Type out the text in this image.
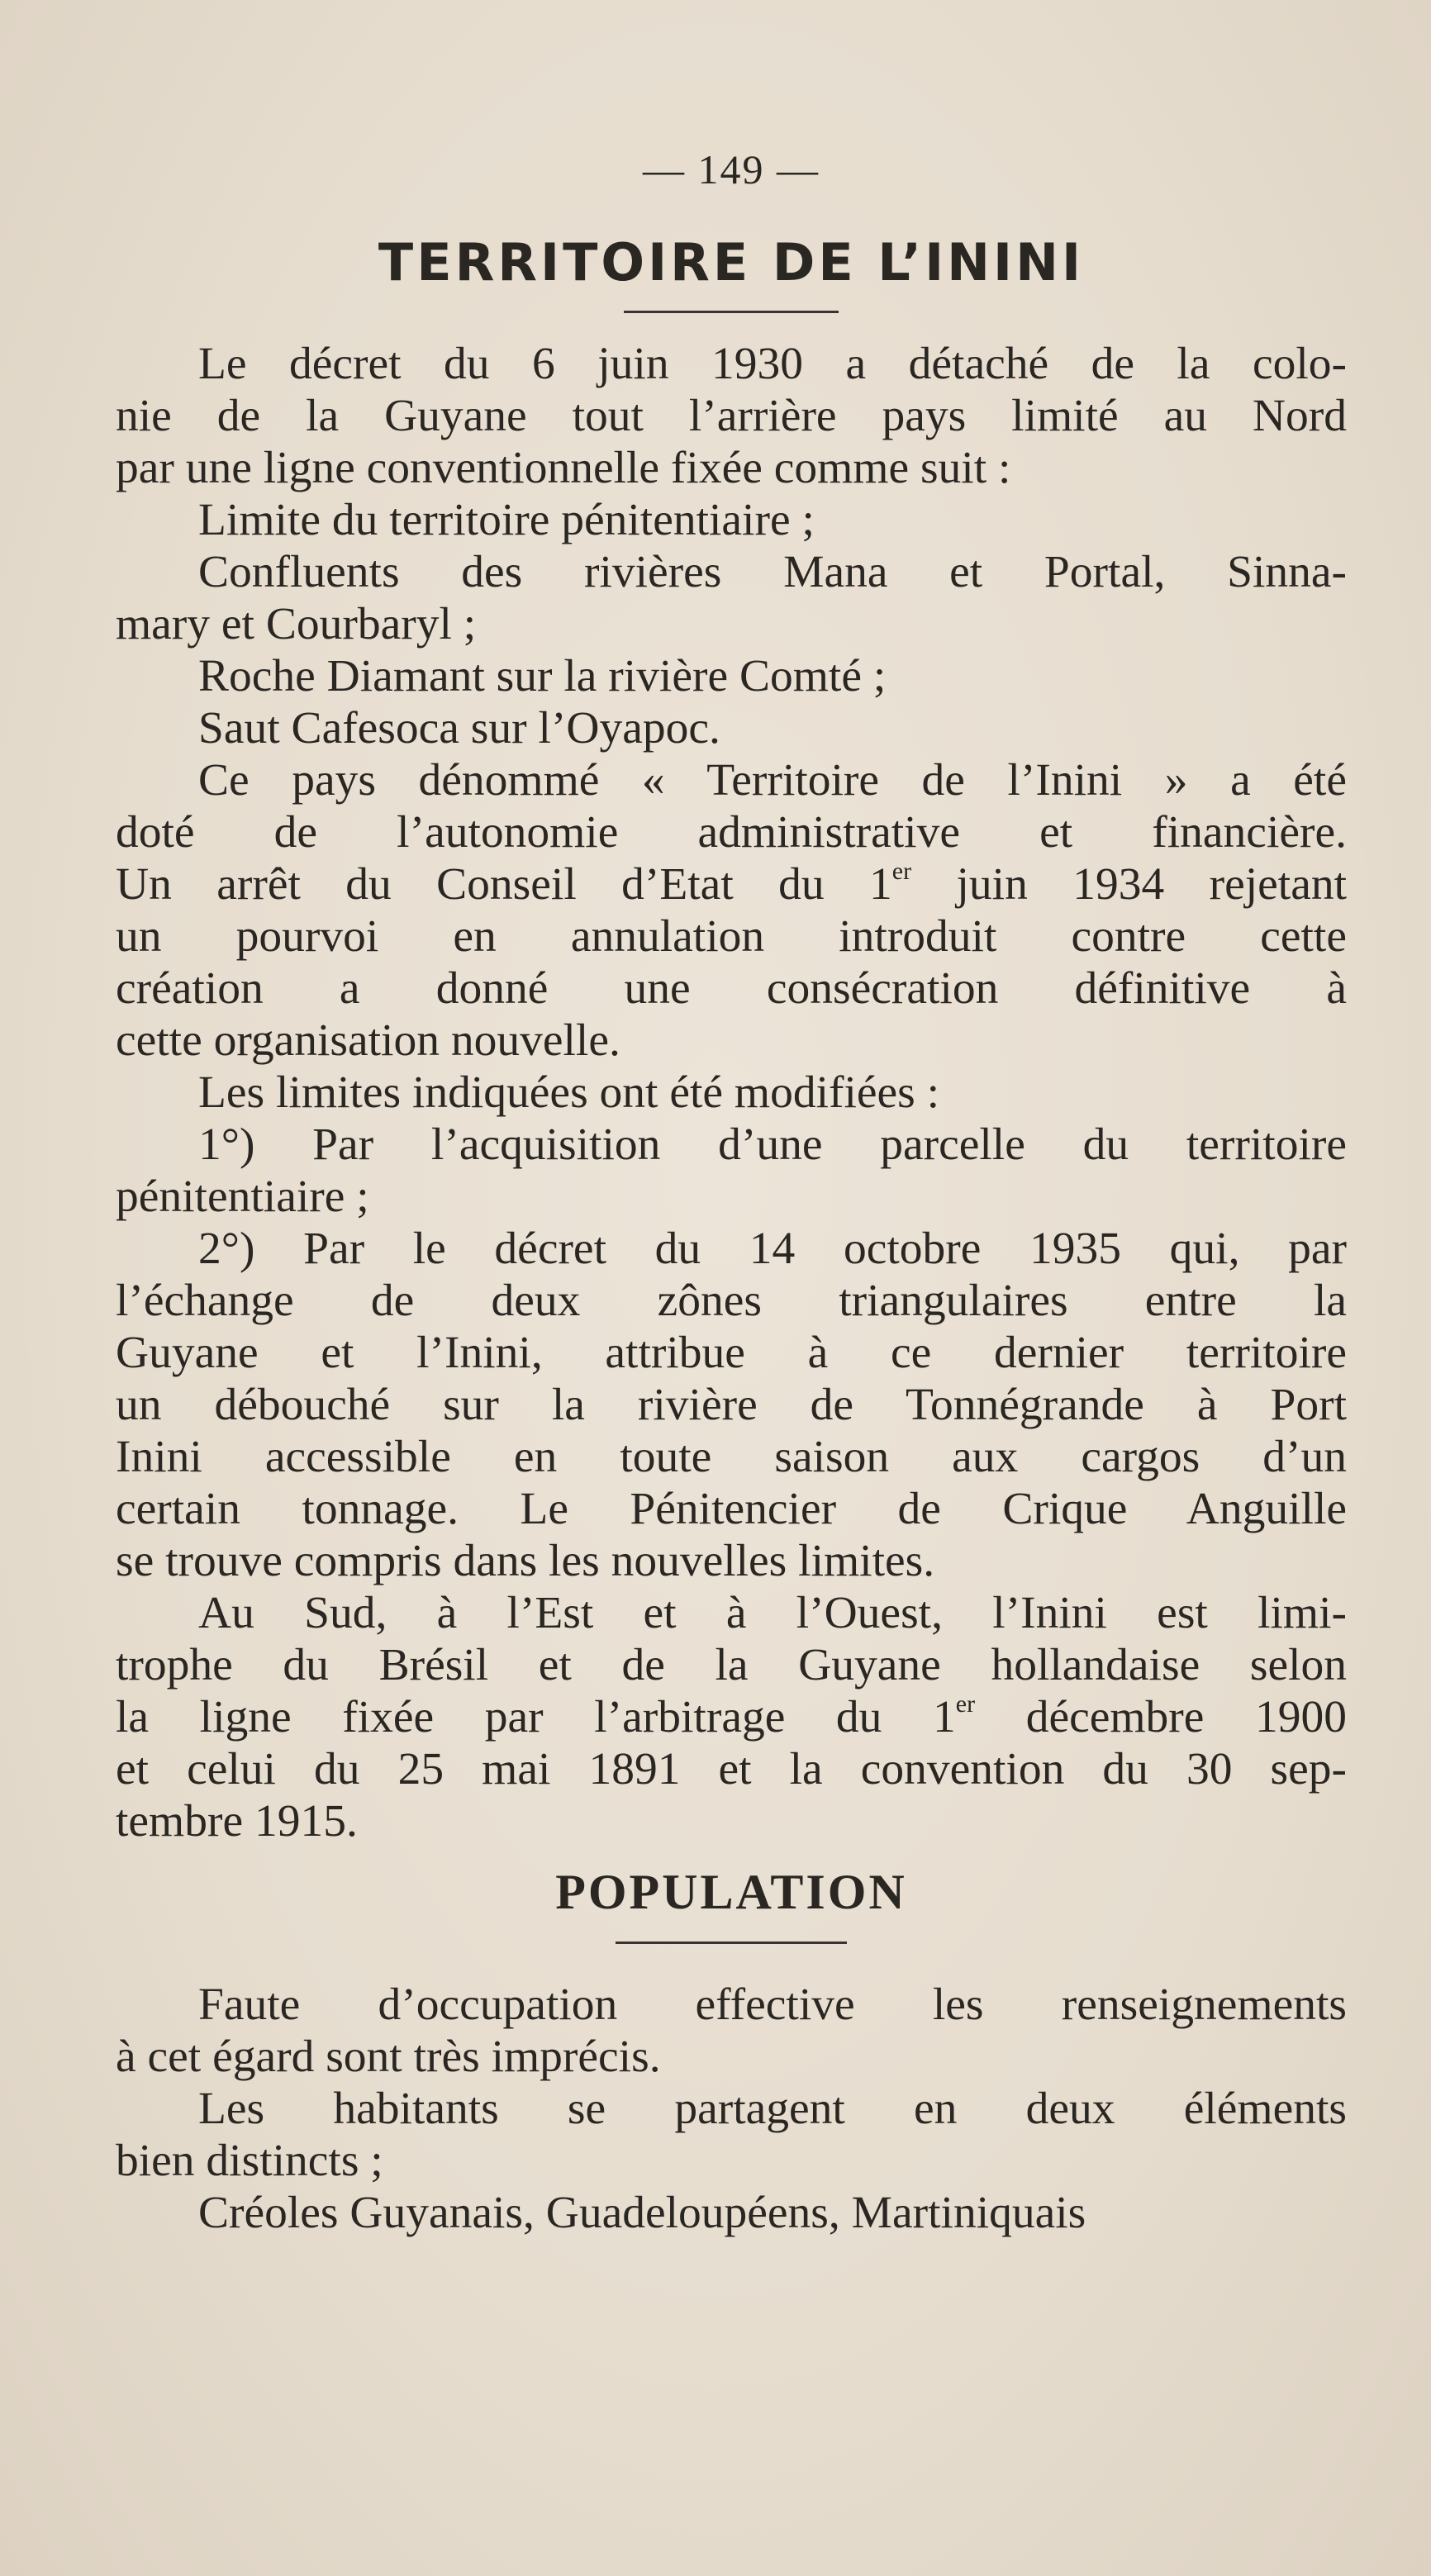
— 149 —
TERRITOIRE DE L’ININI
Le décret du 6 juin 1930 a détaché de la colo-
nie de la Guyane tout l’arrière pays limité au Nord
par une ligne conventionnelle fixée comme suit :
Limite du territoire pénitentiaire ;
Confluents des rivières Mana et Portal, Sinna-
mary et Courbaryl ;
Roche Diamant sur la rivière Comté ;
Saut Cafesoca sur l’Oyapoc.
Ce pays dénommé « Territoire de l’Inini » a été
doté de l’autonomie administrative et financière.
Un arrêt du Conseil d’Etat du 1er juin 1934 rejetant
un pourvoi en annulation introduit contre cette
création a donné une consécration définitive à
cette organisation nouvelle.
Les limites indiquées ont été modifiées :
1°) Par l’acquisition d’une parcelle du territoire
pénitentiaire ;
2°) Par le décret du 14 octobre 1935 qui, par
l’échange de deux zônes triangulaires entre la
Guyane et l’Inini, attribue à ce dernier territoire
un débouché sur la rivière de Tonnégrande à Port
Inini accessible en toute saison aux cargos d’un
certain tonnage. Le Pénitencier de Crique Anguille
se trouve compris dans les nouvelles limites.
Au Sud, à l’Est et à l’Ouest, l’Inini est limi-
trophe du Brésil et de la Guyane hollandaise selon
la ligne fixée par l’arbitrage du 1er décembre 1900
et celui du 25 mai 1891 et la convention du 30 sep-
tembre 1915.
POPULATION
Faute d’occupation effective les renseignements
à cet égard sont très imprécis.
Les habitants se partagent en deux éléments
bien distincts ;
Créoles Guyanais, Guadeloupéens, Martiniquais
